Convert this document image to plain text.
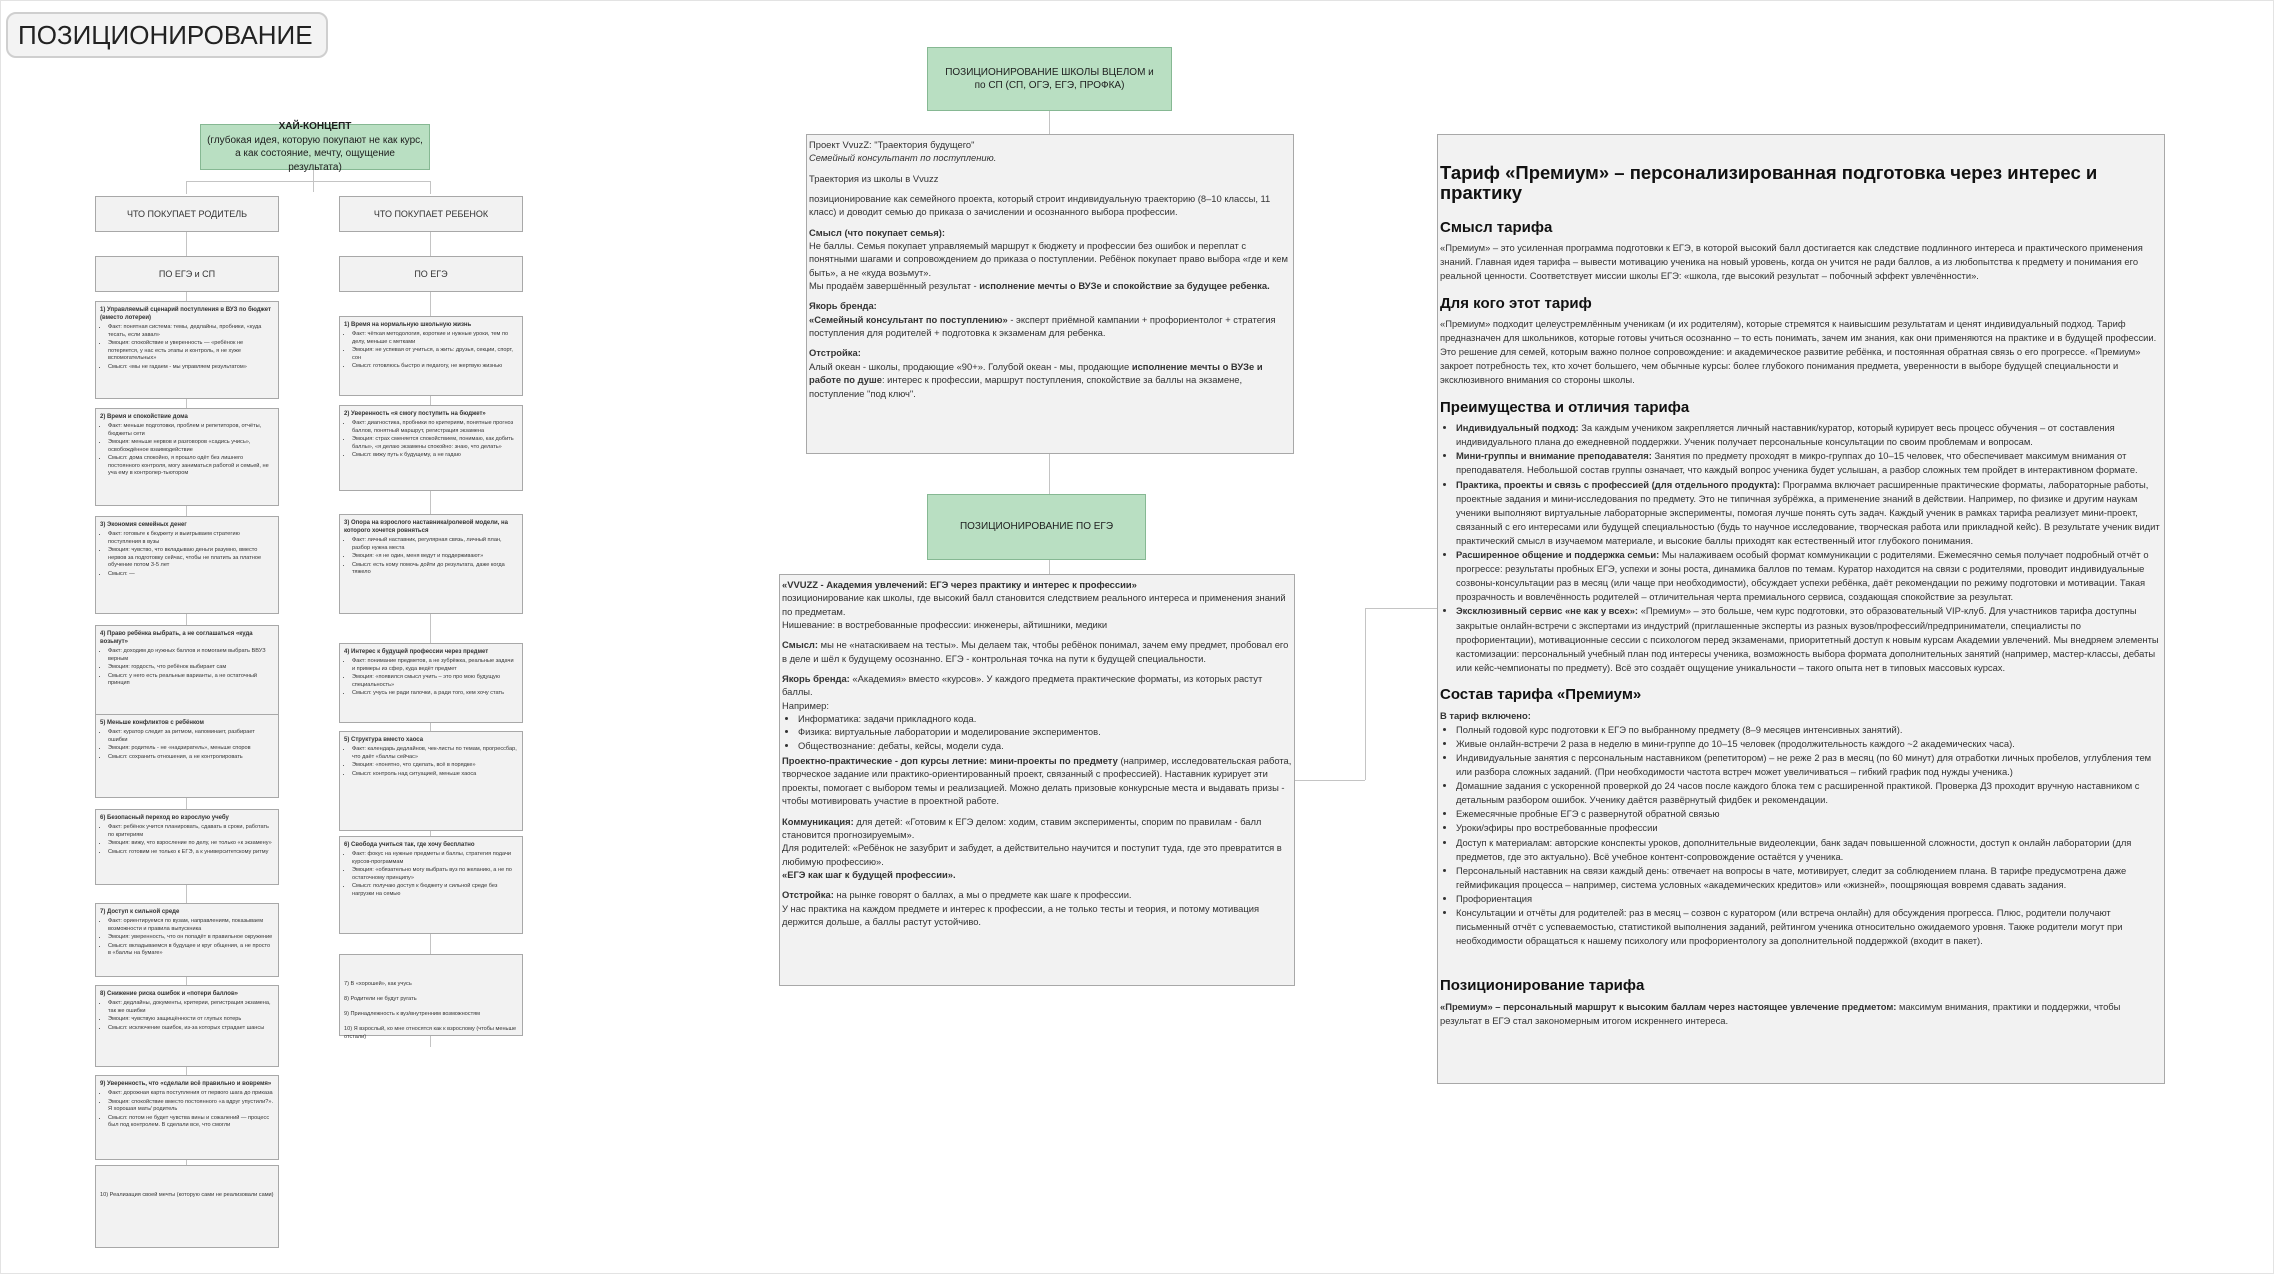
ПОЗИЦИОНИРОВАНИЕ
ХАЙ-КОНЦЕПТ
(глубокая идея, которую покупают не как курс, а как состояние, мечту, ощущение результата)
ЧТО ПОКУПАЕТ РОДИТЕЛЬ
ПО ЕГЭ и СП
1) Управляемый сценарий поступления в ВУЗ по бюджет (вместо лотереи)
• Факт: понятная система: темы, дедлайны, пробники, «куда тесать, если завал»
• Эмоция: спокойствие и уверенность — «ребёнок не потеряется, у нас есть этапы и контроль, я не хуже вспомогательных»
• Смысл: «мы не гадаем - мы управляем результатом»
2) Время и спокойствие дома
• Факт: меньше подготовки, проблем и репетиторов, отчёты, бюджеты сети
• Эмоция: меньше нервов и разговоров «садись учись», освобождённое взаимодействие
• Смысл: дома спокойно, я прошло одёт без лишнего постоянного контроля, могу заниматься работой и семьей, не уча ему в контролер-тьютором
3) Экономия семейных денег
• Факт: готовьте к бюджету и выигрываем стратегию поступления в вузы
• Эмоция: чувство, что вкладываю деньги разумно, вместо нервов за подготовку сейчас, чтобы не платить за платное обучение потом 3-5 лет
• Смысл: —
4) Право ребёнка выбрать, а не соглашаться «куда возьмут»
• Факт: доходим до нужных баллов и помогаем выбрать ВВУЗ верным
• Эмоция: гордость, что ребёнок выбирает сам
• Смысл: у него есть реальные варианты, а не остаточный принцип
5) Меньше конфликтов с ребёнком
• Факт: куратор следит за ритмом, напоминает, разбирает ошибки
• Эмоция: родитель - не «надзиратель», меньше споров
• Смысл: сохранить отношения, а не контролировать
6) Безопасный переход во взрослую учебу
• Факт: ребёнок учится планировать, сдавать в сроки, работать по критериям
• Эмоция: вижу, что взросление по делу, не только «к экзамену»
• Смысл: готовим не только к ЕГЭ, а к университетскому ритму
7) Доступ к сильной среде
• Факт: ориентируемся по вузам, направлениям, показываем возможности и правила выпускника
• Эмоция: уверенность, что он попадёт в правильное окружение
• Смысл: вкладываемся в будущее и круг общения, а не просто в «баллы на бумаге»
8) Снижение риска ошибок и «потери баллов»
• Факт: дедлайны, документы, критерии, регистрация экзамена, так же ошибки
• Эмоция: чувствую защищённости от глупых потерь
• Смысл: исключение ошибок, из-за которых страдает шансы
9) Уверенность, что «сделали всё правильно и вовремя»
• Факт: дорожная карта поступления от первого шага до приказа
• Эмоция: спокойствие вместо постоянного «а вдруг упустили?». Я хорошая мать/ родитель
• Смысл: потом не будет чувства вины и сожалений — процесс был под контролем. В сделали все, что смогли
10) Реализация своей мечты (которую сами не реализовали сами)
ЧТО ПОКУПАЕТ РЕБЕНОК
ПО ЕГЭ
1) Время на нормальную школьную жизнь
• Факт: чёткая методология, короткие и нужные уроки, тем по делу, меньше с метками
• Эмоция: не успевая от учиться, а жить: друзья, секции, спорт, сон
• Смысл: готовлюсь быстро и педагогу, не жертвую жизнью
2) Уверенность «я смогу поступить на бюджет»
• Факт: диагностика, пробники по критериям, понятные прогноз баллов, понятный маршрут, регистрация экзамена
• Эмоция: страх сменяется спокойствием, понимаю, как добить баллы», «я делаю экзамены спокойно: знаю, что делать»
• Смысл: вижу путь к будущему, а не гадаю
3) Опора на взрослого наставника/ролевой модели, на которого хочется ровняться
• Факт: личный наставник, регулярная связь, личный план, разбор нужна места
• Эмоция: «я не один, меня ведут и поддерживают»
• Смысл: есть кому помочь дойти до результата, даже когда тяжело
4) Интерес к будущей профессии через предмет
• Факт: понимание предметов, а не зубрёжка, реальные задачи и примеры из сфер, куда ведёт предмет
• Эмоция: «появился смысл учить – это про мою будущую специальность»
• Смысл: учусь не ради галочки, а ради того, кем хочу стать
5) Структура вместо хаоса
• Факт: календарь дедлайнов, чек-листы по темам, прогрессбар, что даёт «баллы сейчас»
• Эмоция: «понятно, что сделать, всё в порядке»
• Смысл: контроль над ситуацией, меньше хаоса
6) Свобода учиться так, где хочу бесплатно
• Факт: фокус на нужные предметы и баллы, стратегия подачи курсов-программам
• Эмоция: «обязательно могу выбрать вуз по желанию, а не по остаточному принципу»
• Смысл: получаю доступ к бюджету и сильной среде без нагрузки на семью
7) В «хорошей», как учусь

8) Родители не будут ругать

9) Принадлежность к вуз/внутренним возможностям

10) Я взрослый, ко мне относятся как к взрослому (чтобы меньше отстали)
ПОЗИЦИОНИРОВАНИЕ ШКОЛЫ ВЦЕЛОМ и по СП (СП, ОГЭ, ЕГЭ, ПРОФКА)

Проект VvuzZ: "Траектория будущего"
Семейный консультант по поступлению.

Траектория из школы в Vvuzz

позиционирование как семейного проекта, который строит индивидуальную траекторию (8–10 классы, 11 класс) и доводит семью до приказа о зачислении и осознанного выбора профессии.

Смысл (что покупает семья):
Не баллы. Семья покупает управляемый маршрут к бюджету и профессии без ошибок и переплат с понятными шагами и сопровождением до приказа о поступлении. Ребёнок покупает право выбора «где и кем быть», а не «куда возьмут».
Мы продаём завершённый результат - исполнение мечты о ВУЗе и спокойствие за будущее ребенка.

Якорь бренда:
«Семейный консультант по поступлению» - эксперт приёмной кампании + профориентолог + стратегия поступления для родителей + подготовка к экзаменам для ребенка.

Отстройка:
Алый океан - школы, продающие «90+». Голубой океан - мы, продающие исполнение мечты о ВУЗе и работе по душе: интерес к профессии, маршрут поступления, спокойствие за баллы на экзамене, поступление "под ключ".

ПОЗИЦИОНИРОВАНИЕ ПО ЕГЭ

«VVUZZ - Академия увлечений: ЕГЭ через практику и интерес к профессии»
позиционирование как школы, где высокий балл становится следствием реального интереса и применения знаний по предметам.
Нишевание: в востребованные профессии: инженеры, айтишники, медики

Смысл: мы не «натаскиваем на тесты». Мы делаем так, чтобы ребёнок понимал, зачем ему предмет, пробовал его в деле и шёл к будущему осознанно. ЕГЭ - контрольная точка на пути к будущей специальности.

Якорь бренда: «Академия» вместо «курсов». У каждого предмета практические форматы, из которых растут баллы.
Например:

• Информатика: задачи прикладного кода.
• Физика: виртуальные лаборатории и моделирование экспериментов.
• Обществознание: дебаты, кейсы, модели суда.

Проектно-практические - доп курсы летние: мини-проекты по предмету (например, исследовательская работа, творческое задание или практико-ориентированный проект, связанный с профессией). Наставник курирует эти проекты, помогает с выбором темы и реализацией. Можно делать призовые конкурсные места и выдавать призы - чтобы мотивировать участие в проектной работе.

Коммуникация: для детей: «Готовим к ЕГЭ делом: ходим, ставим эксперименты, спорим по правилам - балл становится прогнозируемым».
Для родителей: «Ребёнок не зазубрит и забудет, а действительно научится и поступит туда, где это превратится в любимую профессию».
«ЕГЭ как шаг к будущей профессии».

Отстройка: на рынке говорят о баллах, а мы о предмете как шаге к профессии.
У нас практика на каждом предмете и интерес к профессии, а не только тесты и теория, и потому мотивация держится дольше, а баллы растут устойчиво.

Тариф «Премиум» – персонализированная подготовка через интерес и практику
Смысл тарифа

«Премиум» – это усиленная программа подготовки к ЕГЭ, в которой высокий балл достигается как следствие подлинного интереса и практического применения знаний. Главная идея тарифа – вывести мотивацию ученика на новый уровень, когда он учится не ради баллов, а из любопытства к предмету и понимания его реальной ценности. Соответствует миссии школы ЕГЭ: «школа, где высокий результат – побочный эффект увлечённости».

Для кого этот тариф

«Премиум» подходит целеустремлённым ученикам (и их родителям), которые стремятся к наивысшим результатам и ценят индивидуальный подход. Тариф предназначен для школьников, которые готовы учиться осознанно – то есть понимать, зачем им знания, как они применяются на практике и в будущей профессии. Это решение для семей, которым важно полное сопровождение: и академическое развитие ребёнка, и постоянная обратная связь о его прогрессе. «Премиум» закроет потребность тех, кто хочет большего, чем обычные курсы: более глубокого понимания предмета, уверенности в выборе будущей специальности и эксклюзивного внимания со стороны школы.

Преимущества и отличия тарифа
• Индивидуальный подход: За каждым учеником закрепляется личный наставник/куратор, который курирует весь процесс обучения – от составления индивидуального плана до ежедневной поддержки. Ученик получает персональные консультации по своим проблемам и вопросам.
• Мини-группы и внимание преподавателя: Занятия по предмету проходят в микро-группах до 10–15 человек, что обеспечивает максимум внимания от преподавателя. Небольшой состав группы означает, что каждый вопрос ученика будет услышан, а разбор сложных тем пройдет в интерактивном формате.
• Практика, проекты и связь с профессией (для отдельного продукта): Программа включает расширенные практические форматы, лабораторные работы, проектные задания и мини-исследования по предмету. Это не типичная зубрёжка, а применение знаний в действии. Например, по физике и другим наукам ученики выполняют виртуальные лабораторные эксперименты, помогая лучше понять суть задач. Каждый ученик в рамках тарифа реализует мини-проект, связанный с его интересами или будущей специальностью (будь то научное исследование, творческая работа или прикладной кейс). В результате ученик видит практический смысл в изучаемом материале, и высокие баллы приходят как естественный итог глубокого понимания.
• Расширенное общение и поддержка семьи: Мы налаживаем особый формат коммуникации с родителями. Ежемесячно семья получает подробный отчёт о прогрессе: результаты пробных ЕГЭ, успехи и зоны роста, динамика баллов по темам. Куратор находится на связи с родителями, проводит индивидуальные созвоны-консультации раз в месяц (или чаще при необходимости), обсуждает успехи ребёнка, даёт рекомендации по режиму подготовки и мотивации. Такая прозрачность и вовлечённость родителей – отличительная черта премиального сервиса, создающая спокойствие за результат.
• Эксклюзивный сервис «не как у всех»: «Премиум» – это больше, чем курс подготовки, это образовательный VIP-клуб. Для участников тарифа доступны закрытые онлайн-встречи с экспертами из индустрий (приглашенные эксперты из разных вузов/профессий/предприниматели, специалисты по профориентации), мотивационные сессии с психологом перед экзаменами, приоритетный доступ к новым курсам Академии увлечений. Мы внедряем элементы кастомизации: персональный учебный план под интересы ученика, возможность выбора формата дополнительных занятий (например, мастер-классы, дебаты или кейс-чемпионаты по предмету). Всё это создаёт ощущение уникальности – такого опыта нет в типовых массовых курсах.
Состав тарифа «Премиум»

В тариф включено:

• Полный годовой курс подготовки к ЕГЭ по выбранному предмету (8–9 месяцев интенсивных занятий).
• Живые онлайн-встречи 2 раза в неделю в мини-группе до 10–15 человек (продолжительность каждого ~2 академических часа).
• Индивидуальные занятия с персональным наставником (репетитором) – не реже 2 раз в месяц (по 60 минут) для отработки личных пробелов, углубления тем или разбора сложных заданий. (При необходимости частота встреч может увеличиваться – гибкий график под нужды ученика.)
• Домашние задания с ускоренной проверкой до 24 часов после каждого блока тем с расширенной практикой. Проверка ДЗ проходит вручную наставником с детальным разбором ошибок. Ученику даётся развёрнутый фидбек и рекомендации.
• Ежемесячные пробные ЕГЭ с развернутой обратной связью
• Уроки/эфиры про востребованные профессии
• Доступ к материалам: авторские конспекты уроков, дополнительные видеолекции, банк задач повышенной сложности, доступ к онлайн лаборатории (для предметов, где это актуально). Всё учебное контент-сопровождение остаётся у ученика.
• Персональный наставник на связи каждый день: отвечает на вопросы в чате, мотивирует, следит за соблюдением плана. В тарифе предусмотрена даже геймификация процесса – например, система условных «академических кредитов» или «жизней», поощряющая вовремя сдавать задания.
• Профориентация
• Консультации и отчёты для родителей: раз в месяц – созвон с куратором (или встреча онлайн) для обсуждения прогресса. Плюс, родители получают письменный отчёт с успеваемостью, статистикой выполнения заданий, рейтингом ученика относительно ожидаемого уровня. Также родители могут при необходимости обращаться к нашему психологу или профориентологу за дополнительной поддержкой (входит в пакет).
Позиционирование тарифа

«Премиум» – персональный маршрут к высоким баллам через настоящее увлечение предметом: максимум внимания, практики и поддержки, чтобы результат в ЕГЭ стал закономерным итогом искреннего интереса.
